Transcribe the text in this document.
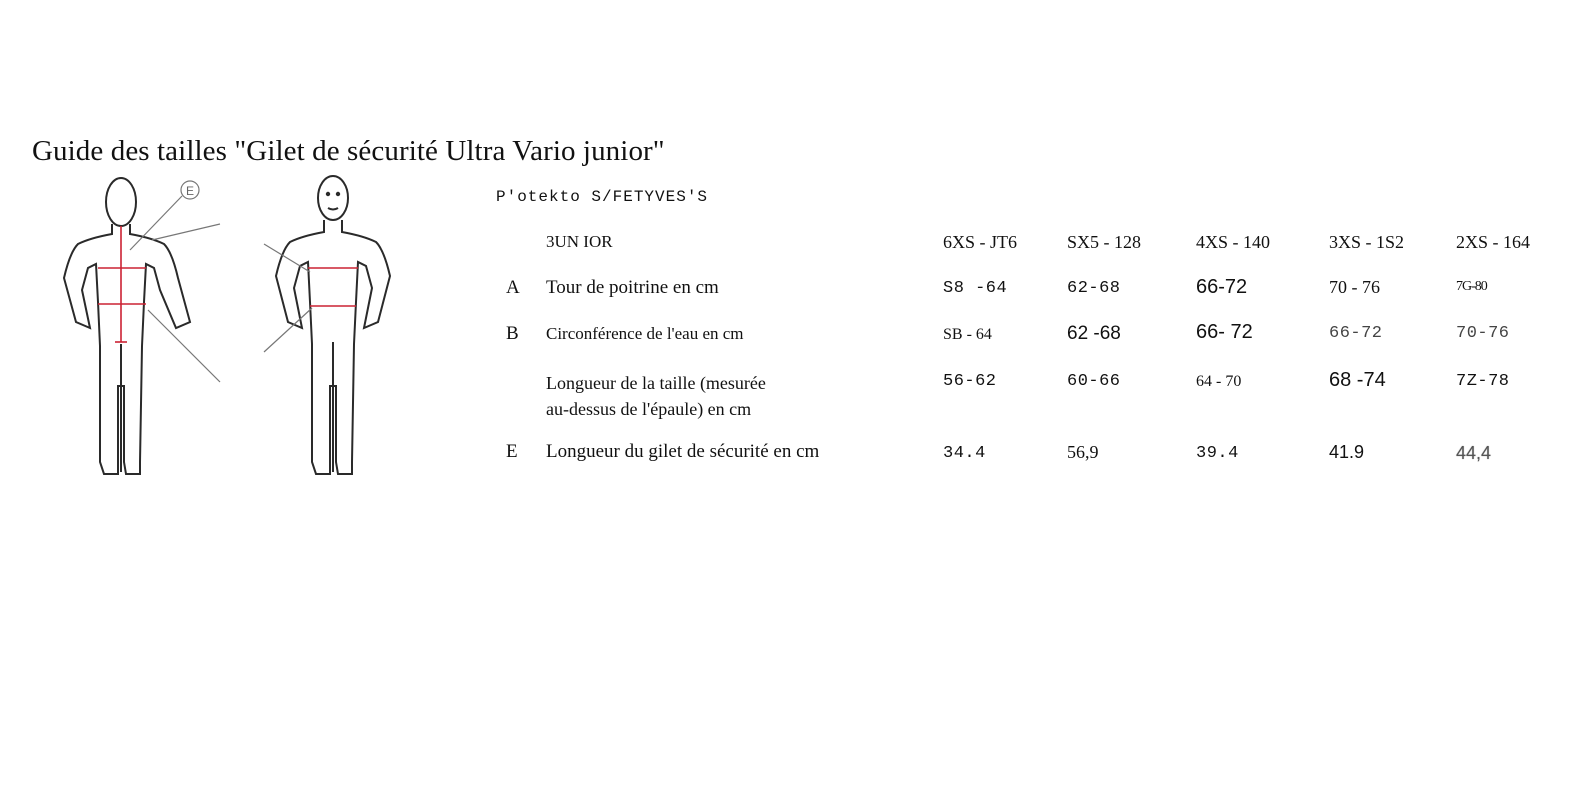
Guide des tailles "Gilet de sécurité Ultra Vario junior"
E	P'otekto S/FETYVES'S
3UN IOR	6XS - JT6	SX5 - 128	4XS - 140	3XS - 1S2	2XS - 164
A Tour de poitrine en cm	S8 -64	62-68	66-72	70 - 76	7G-80
B Circonférence de l'eau en cm	SB - 64	62 -68	66- 72	66-72	70-76
Longueur de la taille (mesurée
au-dessus de l'épaule) en cm
56-62	60-66	64 - 70	68 -74	7Z-78
E Longueur du gilet de sécurité en cm	34.4	56,9	39.4	41.9	44,4
